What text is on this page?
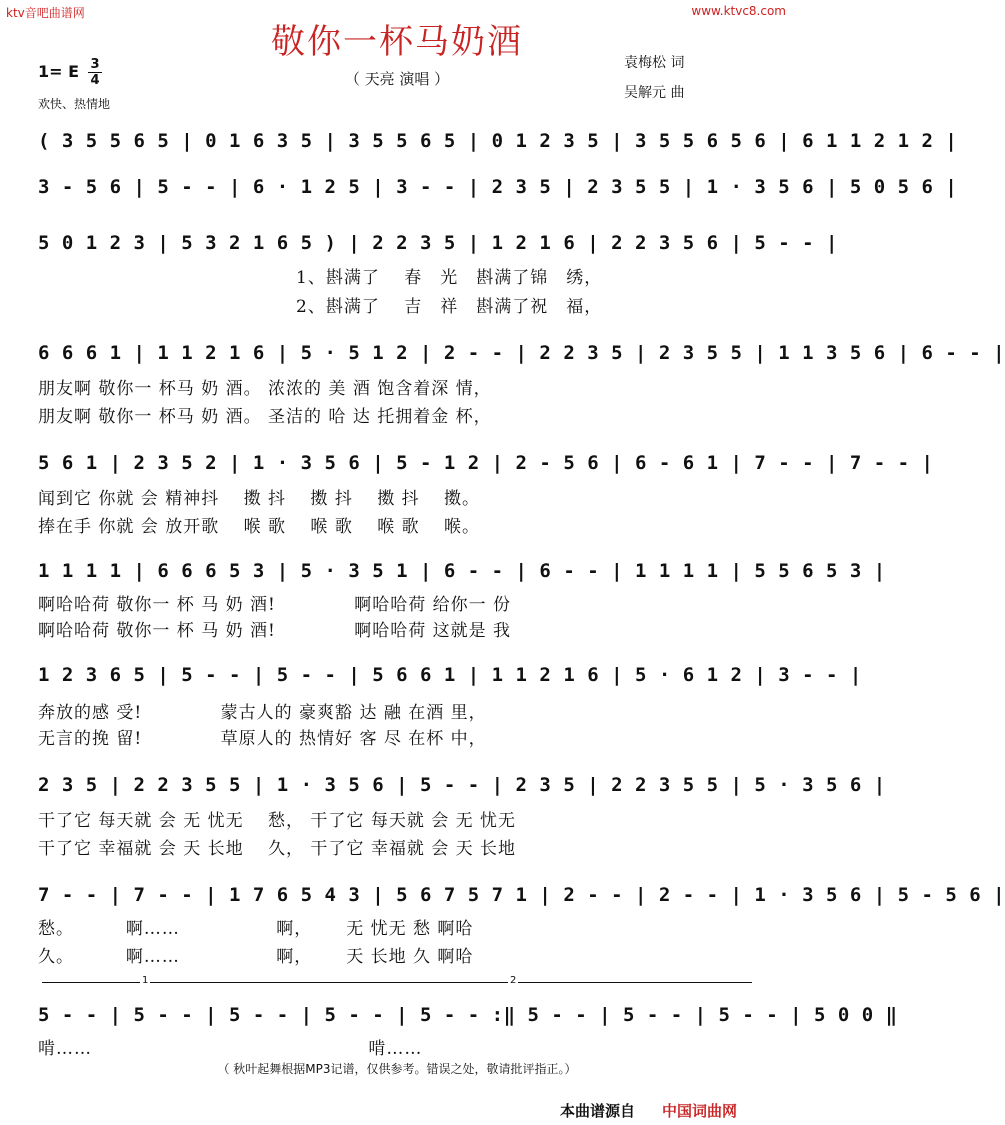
ktv音吧曲谱网	www.ktvc8.com
敬你一杯马奶酒
（ 天亮 演唱 ）
1= E 3
4
欢快、热情地
袁梅松 词
吴解元 曲
( 3 5 5 6 5 | 0 1 6 3 5 | 3 5 5 6 5 | 0 1 2 3 5 | 3 5 5 6 5 6 | 6 1 1 2 1 2 |
3 - 5 6 | 5 - - | 6 · 1 2 5 | 3 - - | 2 3 5 | 2 3 5 5 | 1 · 3 5 6 | 5 0 5 6 |
5 0 1 2 3 | 5 3 2 1 6 5 ) | 2 2 3 5 | 1 2 1 6 | 2 2 3 5 6 | 5 - - |
1、斟满了　 春　光　斟满了锦　绣，
2、斟满了　 吉　祥　斟满了祝　福，
6 6 6 1 | 1 1 2 1 6 | 5 · 5 1 2 | 2 - - | 2 2 3 5 | 2 3 5 5 | 1 1 3 5 6 | 6 - - |
朋友啊 敬你一 杯马 奶 酒。 浓浓的 美 酒 饱含着深 情，
朋友啊 敬你一 杯马 奶 酒。 圣洁的 哈 达 托拥着金 杯，
5 6 1 | 2 3 5 2 | 1 · 3 5 6 | 5 - 1 2 | 2 - 5 6 | 6 - 6 1 | 7 - - | 7 - - |
闻到它 你就 会 精神抖　 擞 抖　 擞 抖　 擞 抖　 擞。
捧在手 你就 会 放开歌　 喉 歌　 喉 歌　 喉 歌　 喉。
1 1 1 1 | 6 6 6 5 3 | 5 · 3 5 1 | 6 - - | 6 - - | 1 1 1 1 | 5 5 6 5 3 |
啊哈哈荷 敬你一 杯 马 奶 酒!　　　　 啊哈哈荷 给你一 份
啊哈哈荷 敬你一 杯 马 奶 酒!　　　　 啊哈哈荷 这就是 我
1 2 3 6 5 | 5 - - | 5 - - | 5 6 6 1 | 1 1 2 1 6 | 5 · 6 1 2 | 3 - - |
奔放的感 受!　　　　 蒙古人的 豪爽豁 达 融 在酒 里，
无言的挽 留!　　　　 草原人的 热情好 客 尽 在杯 中，
2 3 5 | 2 2 3 5 5 | 1 · 3 5 6 | 5 - - | 2 3 5 | 2 2 3 5 5 | 5 · 3 5 6 |
干了它 每天就 会 无 忧无　 愁， 干了它 每天就 会 无 忧无
干了它 幸福就 会 天 长地　 久， 干了它 幸福就 会 天 长地
7 - - | 7 - - | 1 7 6 5 4 3 | 5 6 7 5 7 1 | 2 - - | 2 - - | 1 · 3 5 6 | 5 - 5 6 |
愁。　　　 啊……　　　　　 啊，　　 无 忧无 愁 啊哈
久。　　　 啊……　　　　　 啊，　　 天 长地 久 啊哈
1	2
5 - - | 5 - - | 5 - - | 5 - - | 5 - - :‖ 5 - - | 5 - - | 5 - - | 5 0 0 ‖
啃……　　　　　　　　　　　　　　　 啃……
（ 秋叶起舞根据MP3记谱，仅供参考。错误之处，敬请批评指正。）
本曲谱源自 中国词曲网
